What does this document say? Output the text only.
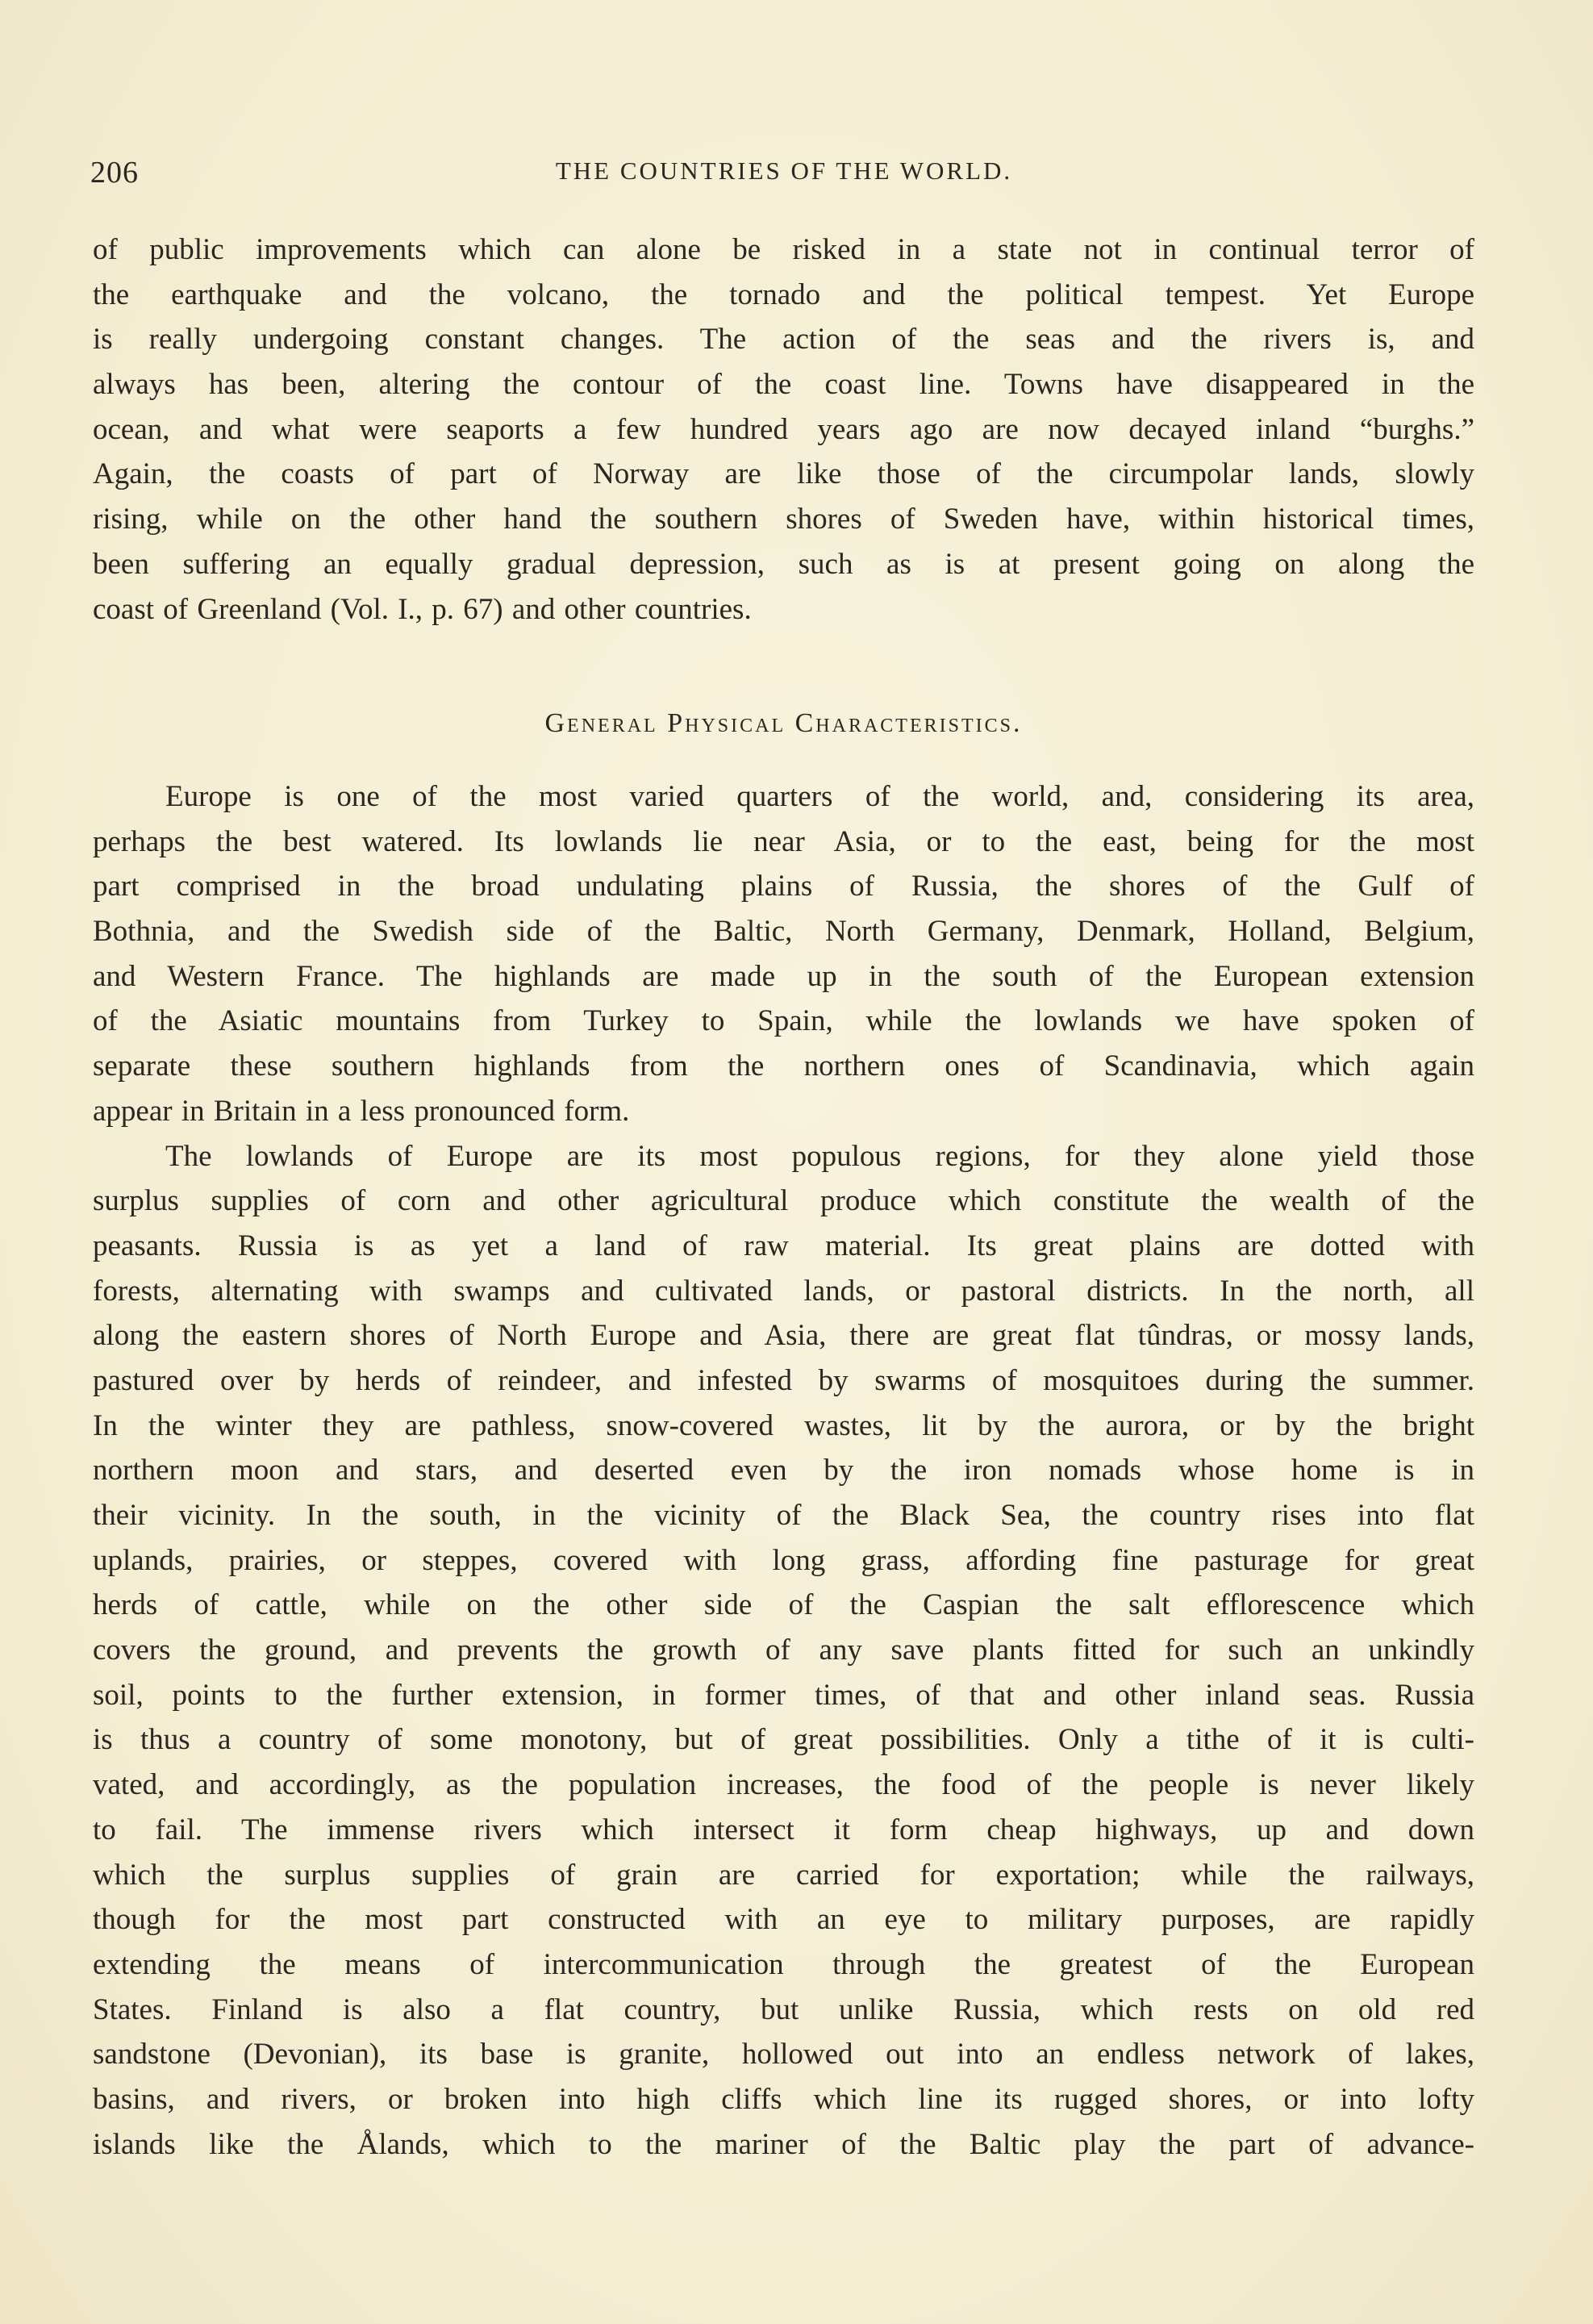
206	THE COUNTRIES OF THE WORLD.
of public improvements which can alone be risked in a state not in continual terror of
the earthquake and the volcano, the tornado and the political tempest. Yet Europe
is really undergoing constant changes. The action of the seas and the rivers is, and
always has been, altering the contour of the coast line. Towns have disappeared in the
ocean, and what were seaports a few hundred years ago are now decayed inland “burghs.”
Again, the coasts of part of Norway are like those of the circumpolar lands, slowly
rising, while on the other hand the southern shores of Sweden have, within historical times,
been suffering an equally gradual depression, such as is at present going on along the
coast of Greenland (Vol. I., p. 67) and other countries.
General Physical Characteristics.
Europe is one of the most varied quarters of the world, and, considering its area,
perhaps the best watered. Its lowlands lie near Asia, or to the east, being for the most
part comprised in the broad undulating plains of Russia, the shores of the Gulf of
Bothnia, and the Swedish side of the Baltic, North Germany, Denmark, Holland, Belgium,
and Western France. The highlands are made up in the south of the European extension
of the Asiatic mountains from Turkey to Spain, while the lowlands we have spoken of
separate these southern highlands from the northern ones of Scandinavia, which again
appear in Britain in a less pronounced form.
The lowlands of Europe are its most populous regions, for they alone yield those
surplus supplies of corn and other agricultural produce which constitute the wealth of the
peasants. Russia is as yet a land of raw material. Its great plains are dotted with
forests, alternating with swamps and cultivated lands, or pastoral districts. In the north, all
along the eastern shores of North Europe and Asia, there are great flat tûndras, or mossy lands,
pastured over by herds of reindeer, and infested by swarms of mosquitoes during the summer.
In the winter they are pathless, snow-covered wastes, lit by the aurora, or by the bright
northern moon and stars, and deserted even by the iron nomads whose home is in
their vicinity. In the south, in the vicinity of the Black Sea, the country rises into flat
uplands, prairies, or steppes, covered with long grass, affording fine pasturage for great
herds of cattle, while on the other side of the Caspian the salt efflorescence which
covers the ground, and prevents the growth of any save plants fitted for such an unkindly
soil, points to the further extension, in former times, of that and other inland seas. Russia
is thus a country of some monotony, but of great possibilities. Only a tithe of it is culti-
vated, and accordingly, as the population increases, the food of the people is never likely
to fail. The immense rivers which intersect it form cheap highways, up and down
which the surplus supplies of grain are carried for exportation; while the railways,
though for the most part constructed with an eye to military purposes, are rapidly
extending the means of intercommunication through the greatest of the European
States. Finland is also a flat country, but unlike Russia, which rests on old red
sandstone (Devonian), its base is granite, hollowed out into an endless network of lakes,
basins, and rivers, or broken into high cliffs which line its rugged shores, or into lofty
islands like the Ålands, which to the mariner of the Baltic play the part of advance-
